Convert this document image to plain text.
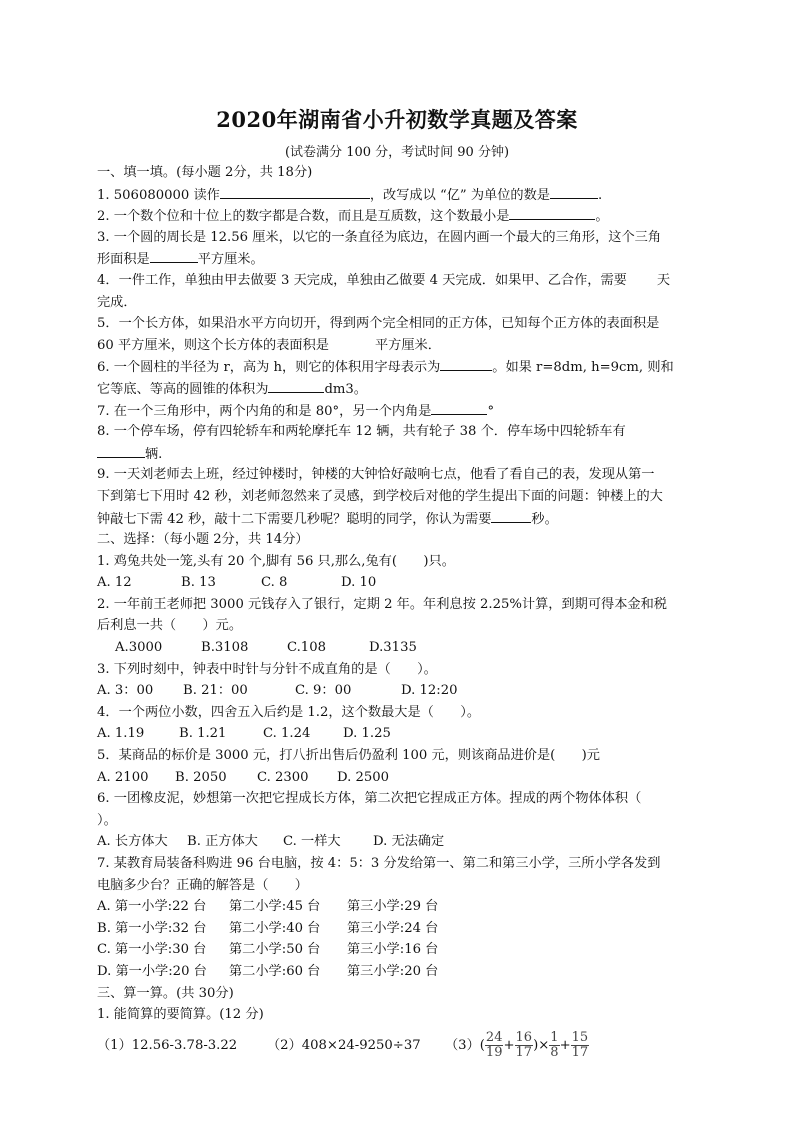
2020年湖南省小升初数学真题及答案
(试卷满分 100 分，考试时间 90 分钟)
一、填一填。(每小题 2分，共 18分)
1. 506080000 读作	，改写成以 “亿” 为单位的数是	.
2. 一个数个位和十位上的数字都是合数，而且是互质数，这个数最小是	。
3. 一个圆的周长是 12.56 厘米，以它的一条直径为底边，在圆内画一个最大的三角形，这个三角
形面积是	平方厘米。
4．一件工作，单独由甲去做要 3 天完成，单独由乙做要 4 天完成．如果甲、乙合作，需要 天
完成．
5．一个长方体，如果沿水平方向切开，得到两个完全相同的正方体，已知每个正方体的表面积是
60 平方厘米，则这个长方体的表面积是	平方厘米．
6. 一个圆柱的半径为 r，高为 h，则它的体积用字母表示为	。如果 r=8dm, h=9cm, 则和
它等底、等高的圆锥的体积为	dm3。
7. 在一个三角形中，两个内角的和是 80°，另一个内角是	°
8. 一个停车场，停有四轮轿车和两轮摩托车 12 辆，共有轮子 38 个．停车场中四轮轿车有
辆.
9. 一天刘老师去上班，经过钟楼时，钟楼的大钟恰好敲响七点，他看了看自己的表，发现从第一
下到第七下用时 42 秒，刘老师忽然来了灵感，到学校后对他的学生提出下面的问题：钟楼上的大
钟敲七下需 42 秒，敲十二下需要几秒呢？聪明的同学，你认为需要	秒。
二、选择：（每小题 2分，共 14分）
1. 鸡兔共处一笼,头有 20 个,脚有 56 只,那么,兔有(　　)只。
A. 12	B. 13	C. 8	D. 10
2. 一年前王老师把 3000 元钱存入了银行，定期 2 年。年利息按 2.25%计算，到期可得本金和税
后利息一共（　　）元。
A.3000	B.3108	C.108	D.3135
3. 下列时刻中，钟表中时针与分针不成直角的是（　　）。
A. 3：00 B. 21：00	C. 9：00	D. 12:20
4．一个两位小数，四舍五入后约是 1.2，这个数最大是（　　）。
A. 1.19	B. 1.21	C. 1.24 D. 1.25
5．某商品的标价是 3000 元，打八折出售后仍盈利 100 元，则该商品进价是(　　)元
A. 2100 B. 2050 C. 2300 D. 2500
6. 一团橡皮泥，妙想第一次把它捏成长方体，第二次把它捏成正方体。捏成的两个物体体积（
）。
A. 长方体大 B. 正方体大 C. 一样大 D. 无法确定
7. 某教育局装备科购进 96 台电脑，按 4：5：3 分发给第一、第二和第三小学，三所小学各发到
电脑多少台？正确的解答是（　　）
A. 第一小学:22 台 第二小学:45 台 第三小学:29 台
B. 第一小学:32 台 第二小学:40 台 第三小学:24 台
C. 第一小学:30 台 第二小学:50 台 第三小学:16 台
D. 第一小学:20 台 第二小学:60 台 第三小学:20 台
三、算一算。(共 30分)
1. 能简算的要简算。(12 分)
（1）12.56-3.78-3.22 （2）408×24-9250÷37 $(3)( \frac{24}{19} + \frac{16}{17}$ )× $\frac{1}{8} + \frac{15}{17}$
